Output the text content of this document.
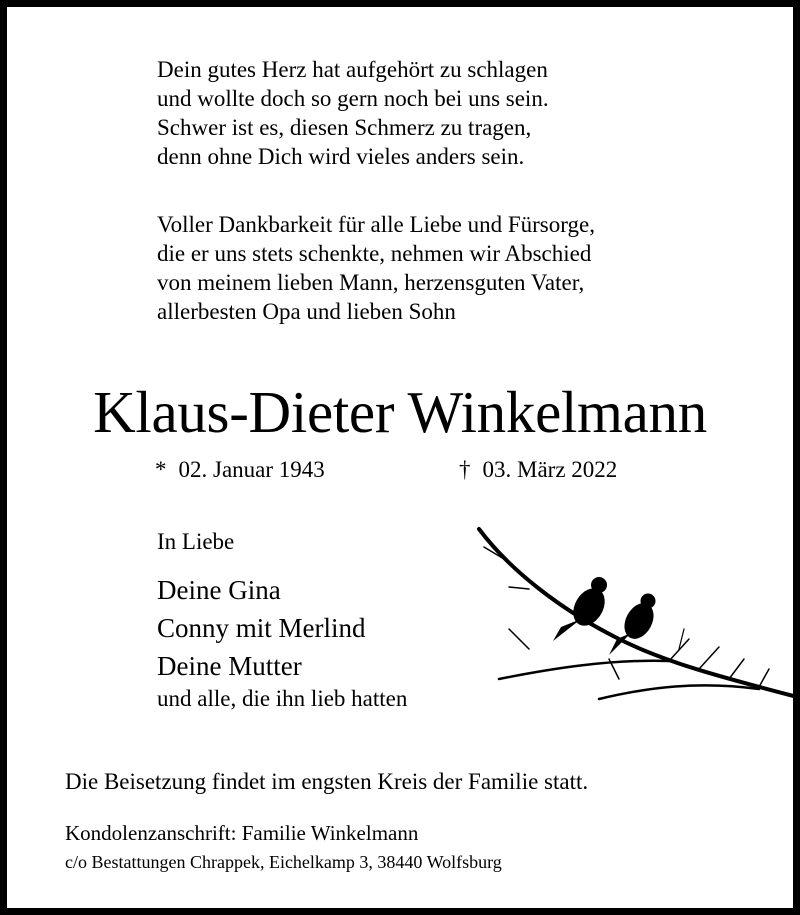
Dein gutes Herz hat aufgehört zu schlagen
und wollte doch so gern noch bei uns sein.
Schwer ist es, diesen Schmerz zu tragen,
denn ohne Dich wird vieles anders sein.
Voller Dankbarkeit für alle Liebe und Fürsorge,
die er uns stets schenkte, nehmen wir Abschied
von meinem lieben Mann, herzensguten Vater,
allerbesten Opa und lieben Sohn
Klaus-Dieter Winkelmann
* 02. Januar 1943	† 03. März 2022
In Liebe
Deine Gina
Conny mit Merlind
Deine Mutter
und alle, die ihn lieb hatten
Die Beisetzung findet im engsten Kreis der Familie statt.
Kondolenzanschrift: Familie Winkelmann
c/o Bestattungen Chrappek, Eichelkamp 3, 38440 Wolfsburg
